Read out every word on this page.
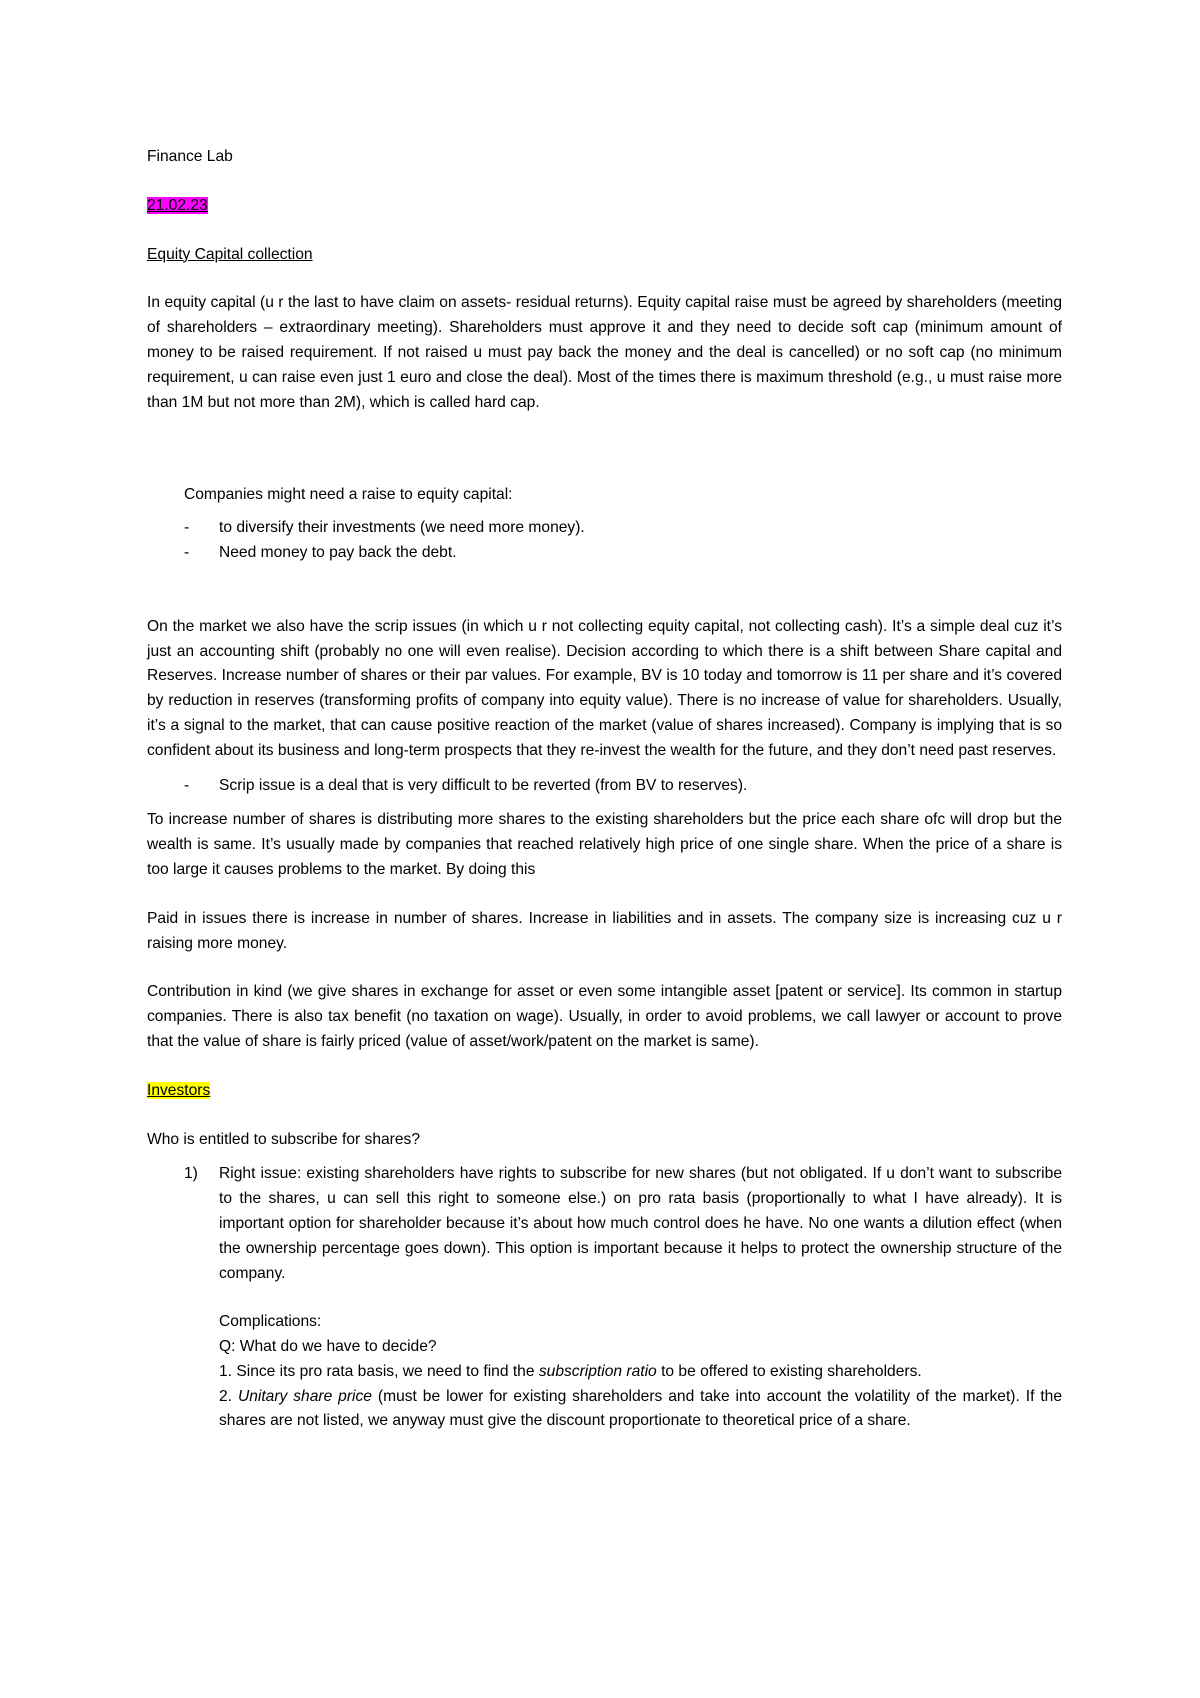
Finance Lab

21.02.23

Equity Capital collection

In equity capital (u r the last to have claim on assets- residual returns). Equity capital raise must be agreed by shareholders (meeting of shareholders – extraordinary meeting). Shareholders must approve it and they need to decide soft cap (minimum amount of money to be raised requirement. If not raised u must pay back the money and the deal is cancelled) or no soft cap (no minimum requirement, u can raise even just 1 euro and close the deal). Most of the times there is maximum threshold (e.g., u must raise more than 1M but not more than 2M), which is called hard cap.

Companies might need a raise to equity capital:

- to diversify their investments (we need more money).
- Need money to pay back the debt.

On the market we also have the scrip issues (in which u r not collecting equity capital, not collecting cash). It’s a simple deal cuz it’s just an accounting shift (probably no one will even realise). Decision according to which there is a shift between Share capital and Reserves. Increase number of shares or their par values. For example, BV is 10 today and tomorrow is 11 per share and it’s covered by reduction in reserves (transforming profits of company into equity value). There is no increase of value for shareholders. Usually, it’s a signal to the market, that can cause positive reaction of the market (value of shares increased). Company is implying that is so confident about its business and long-term prospects that they re-invest the wealth for the future, and they don’t need past reserves.

- Scrip issue is a deal that is very difficult to be reverted (from BV to reserves).

To increase number of shares is distributing more shares to the existing shareholders but the price each share ofc will drop but the wealth is same. It’s usually made by companies that reached relatively high price of one single share. When the price of a share is too large it causes problems to the market. By doing this

Paid in issues there is increase in number of shares. Increase in liabilities and in assets. The company size is increasing cuz u r raising more money.

Contribution in kind (we give shares in exchange for asset or even some intangible asset [patent or service]. Its common in startup companies. There is also tax benefit (no taxation on wage). Usually, in order to avoid problems, we call lawyer or account to prove that the value of share is fairly priced (value of asset/work/patent on the market is same).

Investors

Who is entitled to subscribe for shares?

1) Right issue: existing shareholders have rights to subscribe for new shares (but not obligated. If u don’t want to subscribe to the shares, u can sell this right to someone else.) on pro rata basis (proportionally to what I have already). It is important option for shareholder because it’s about how much control does he have. No one wants a dilution effect (when the ownership percentage goes down). This option is important because it helps to protect the ownership structure of the company.

Complications:

Q: What do we have to decide?

1. Since its pro rata basis, we need to find the subscription ratio to be offered to existing shareholders.

2. Unitary share price (must be lower for existing shareholders and take into account the volatility of the market). If the shares are not listed, we anyway must give the discount proportionate to theoretical price of a share.
